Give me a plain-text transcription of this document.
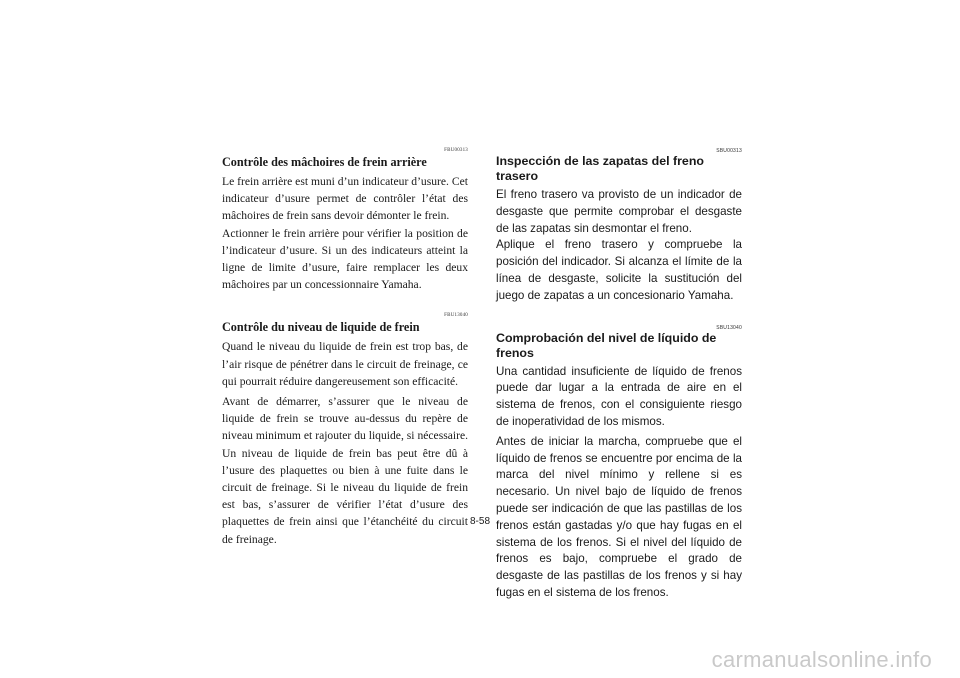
FBU00313
Contrôle des mâchoires de frein arrière

Le frein arrière est muni d’un indicateur d’usure. Cet indicateur d’usure permet de contrôler l’état des mâchoires de frein sans devoir démonter le frein.

Actionner le frein arrière pour vérifier la position de l’indicateur d’usure. Si un des indicateurs atteint la ligne de limite d’usure, faire remplacer les deux mâchoires par un concessionnaire Yamaha.

FBU13040
Contrôle du niveau de liquide de frein

Quand le niveau du liquide de frein est trop bas, de l’air risque de pénétrer dans le circuit de freinage, ce qui pourrait réduire dangereusement son efficacité.

Avant de démarrer, s’assurer que le niveau de liquide de frein se trouve au-dessus du repère de niveau minimum et rajouter du liquide, si nécessaire. Un niveau de liquide de frein bas peut être dû à l’usure des plaquettes ou bien à une fuite dans le circuit de freinage. Si le niveau du liquide de frein est bas, s’assurer de vérifier l’état d’usure des plaquettes de frein ainsi que l’étanchéité du circuit de freinage.

SBU00313
Inspección de las zapatas del freno trasero

El freno trasero va provisto de un indicador de desgaste que permite comprobar el desgaste de las zapatas sin desmontar el freno.

Aplique el freno trasero y compruebe la posición del indicador. Si alcanza el límite de la línea de desgaste, solicite la sustitución del juego de zapatas a un concesionario Yamaha.

SBU13040
Comprobación del nivel de líquido de frenos

Una cantidad insuficiente de líquido de frenos puede dar lugar a la entrada de aire en el sistema de frenos, con el consiguiente riesgo de inoperatividad de los mismos.

Antes de iniciar la marcha, compruebe que el líquido de frenos se encuentre por encima de la marca del nivel mínimo y rellene si es necesario. Un nivel bajo de líquido de frenos puede ser indicación de que las pastillas de los frenos están gastadas y/o que hay fugas en el sistema de los frenos. Si el nivel del líquido de frenos es bajo, compruebe el grado de desgaste de las pastillas de los frenos y si hay fugas en el sistema de los frenos.

8-58
carmanualsonline.info
